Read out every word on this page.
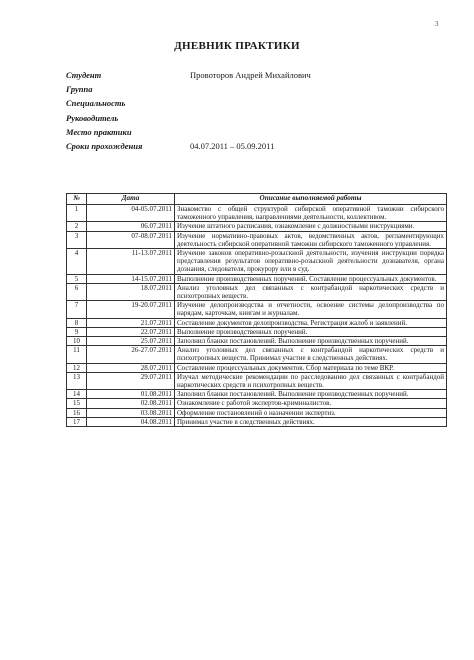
3
ДНЕВНИК ПРАКТИКИ
Студент	Провоторов Андрей Михайлович
Группа
Специальность
Руководитель
Место практики
Сроки прохождения	04.07.2011 – 05.09.2011
№	Дата	Описание выполняемой работы
1	04-05.07.2011	Знакомство с общей структурой сибирской оперативной таможни сибирского таможенного управления, направлениями деятельности, коллективом.
2	06.07.2011	Изучение штатного расписания, ознакомление с должностными инструкциями.
3	07-08.07.2011	Изучение нормативно-правовых актов, ведомственных актов, регламентирующих деятельность сибирской оперативной таможни сибирского таможенного управления.
4	11-13.07.2011	Изучение законов оперативно-розыскной деятельности, изучения инструкции порядка представления результатов оперативно-розыскной деятельности дознавателя, органа дознания, следователя, прокурору или в суд.
5	14-15.07.2011	Выполнение производственных поручений. Составление процессуальных документов.
6	18.07.2011	Анализ уголовных дел связанных с контрабандой наркотических средств и психотропных веществ.
7	19-20.07.2011	Изучение делопроизводства и отчетности, освоение системы делопроизводства по нарядам, карточкам, книгам и журналам.
8	21.07.2011	Составление документов делопроизводства. Регистрация жалоб и заявлений.
9	22.07.2011	Выполнение производственных поручений.
10	25.07.2011	Заполнил бланки постановлений. Выполнение производственных поручений.
11	26-27.07.2011	Анализ уголовных дел связанных с контрабандой наркотических средств и психотропных веществ. Принимал участие в следственных действиях.
12	28.07.2011	Составление процессуальных документов. Сбор материала по теме ВКР.
13	29.07.2011	Изучал методические рекомендации по расследованию дел связанных с контрабандой наркотических средств и психотропных веществ.
14	01.08.2011	Заполнил бланки постановлений. Выполнение производственных поручений.
15	02.08.2011	Ознакомление с работой экспертов-криминалистов.
16	03.08.2011	Оформление постановлений о назначении экспертиз.
17	04.08.2011	Принимал участие в следственных действиях.
